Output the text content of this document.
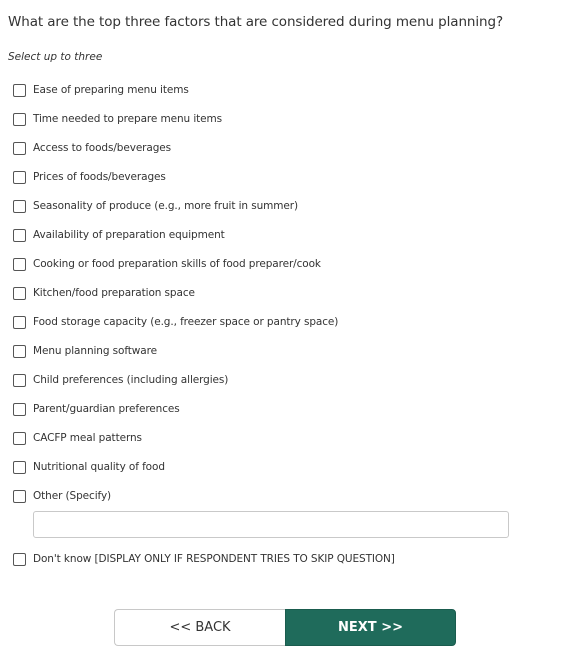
What are the top three factors that are considered during menu planning?
Select up to three
Ease of preparing menu items
Time needed to prepare menu items
Access to foods/beverages
Prices of foods/beverages
Seasonality of produce (e.g., more fruit in summer)
Availability of preparation equipment
Cooking or food preparation skills of food preparer/cook
Kitchen/food preparation space
Food storage capacity (e.g., freezer space or pantry space)
Menu planning software
Child preferences (including allergies)
Parent/guardian preferences
CACFP meal patterns
Nutritional quality of food
Other (Specify)
Don't know [DISPLAY ONLY IF RESPONDENT TRIES TO SKIP QUESTION]
<< BACK	NEXT >>
